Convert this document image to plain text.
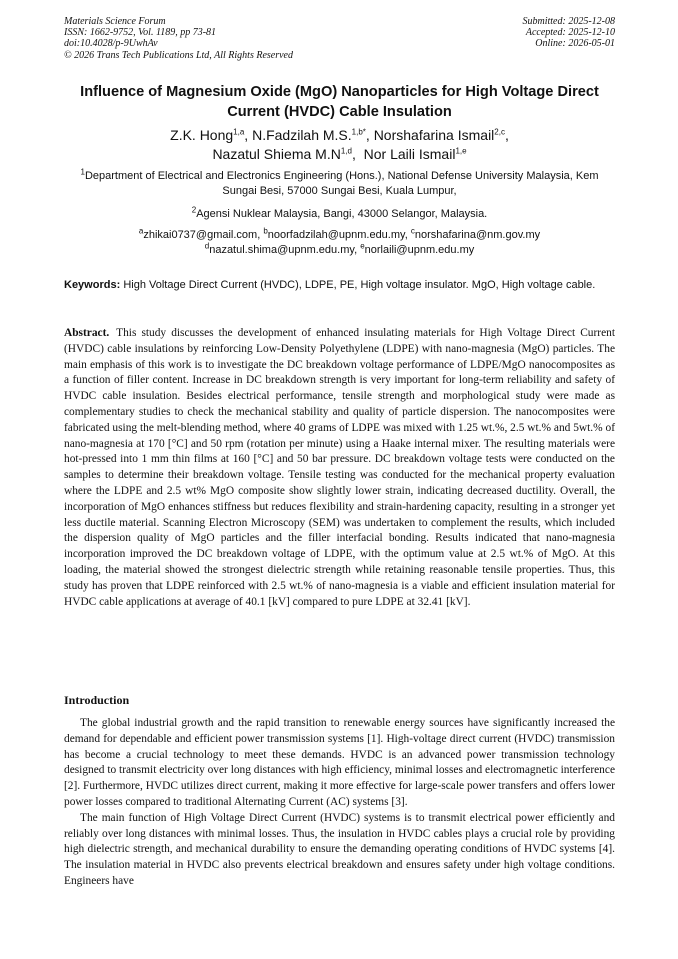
Materials Science Forum
ISSN: 1662-9752, Vol. 1189, pp 73-81
doi:10.4028/p-9UwhAv
© 2026 Trans Tech Publications Ltd, All Rights Reserved
Submitted: 2025-12-08
Accepted: 2025-12-10
Online: 2026-05-01
Influence of Magnesium Oxide (MgO) Nanoparticles for High Voltage Direct Current (HVDC) Cable Insulation
Z.K. Hong$^{1,a}$, N.Fadzilah M.S.$^{1,b*}$, Norshafarina Ismail$^{2,c}$,
Nazatul Shiema $M.N^{1,d}$,  Nor Laili Ismail$^{1,e}$
$^1$Department of Electrical and Electronics Engineering (Hons.), National Defense University Malaysia, Kem Sungai Besi, 57000 Sungai Besi, Kuala Lumpur,
$^2$Agensi Nuklear Malaysia, Bangi, 43000 Selangor, Malaysia.
$^a$zhikai0737@gmail.com, $^b$noorfadzilah@upnm.edu.my, $^c$norshafarina@nm.gov.my
$^d$nazatul.shima@upnm.edu.my, $^e$norlaili@upnm.edu.my
Keywords: High Voltage Direct Current (HVDC), LDPE, PE, High voltage insulator. MgO, High voltage cable.
Abstract. This study discusses the development of enhanced insulating materials for High Voltage Direct Current (HVDC) cable insulations by reinforcing Low-Density Polyethylene (LDPE) with nano-magnesia (MgO) particles. The main emphasis of this work is to investigate the DC breakdown voltage performance of LDPE/MgO nanocomposites as a function of filler content. Increase in DC breakdown strength is very important for long-term reliability and safety of HVDC cable insulation. Besides electrical performance, tensile strength and morphological study were made as complementary studies to check the mechanical stability and quality of particle dispersion. The nanocomposites were fabricated using the melt-blending method, where 40 grams of LDPE was mixed with 1.25 wt.%, 2.5 wt.% and 5wt.% of nano-magnesia at 170 [°C] and 50 rpm (rotation per minute) using a Haake internal mixer. The resulting materials were hot-pressed into 1 mm thin films at 160 [°C] and 50 bar pressure. DC breakdown voltage tests were conducted on the samples to determine their breakdown voltage. Tensile testing was conducted for the mechanical property evaluation where the LDPE and 2.5 wt% MgO composite show slightly lower strain, indicating decreased ductility. Overall, the incorporation of MgO enhances stiffness but reduces flexibility and strain-hardening capacity, resulting in a stronger yet less ductile material. Scanning Electron Microscopy (SEM) was undertaken to complement the results, which included the dispersion quality of MgO particles and the filler interfacial bonding. Results indicated that nano-magnesia incorporation improved the DC breakdown voltage of LDPE, with the optimum value at 2.5 wt.% of MgO. At this loading, the material showed the strongest dielectric strength while retaining reasonable tensile properties. Thus, this study has proven that LDPE reinforced with 2.5 wt.% of nano-magnesia is a viable and efficient insulation material for HVDC cable applications at average of 40.1 [kV] compared to pure LDPE at 32.41 [kV].
Introduction

The global industrial growth and the rapid transition to renewable energy sources have significantly increased the demand for dependable and efficient power transmission systems [1]. High-voltage direct current (HVDC) transmission has become a crucial technology to meet these demands. HVDC is an advanced power transmission technology designed to transmit electricity over long distances with high efficiency, minimal losses and electromagnetic interference [2]. Furthermore, HVDC utilizes direct current, making it more effective for large-scale power transfers and offers lower power losses compared to traditional Alternating Current (AC) systems [3].

The main function of High Voltage Direct Current (HVDC) systems is to transmit electrical power efficiently and reliably over long distances with minimal losses. Thus, the insulation in HVDC cables plays a crucial role by providing high dielectric strength, and mechanical durability to ensure the demanding operating conditions of HVDC systems [4]. The insulation material in HVDC also prevents electrical breakdown and ensures safety under high voltage conditions. Engineers have
